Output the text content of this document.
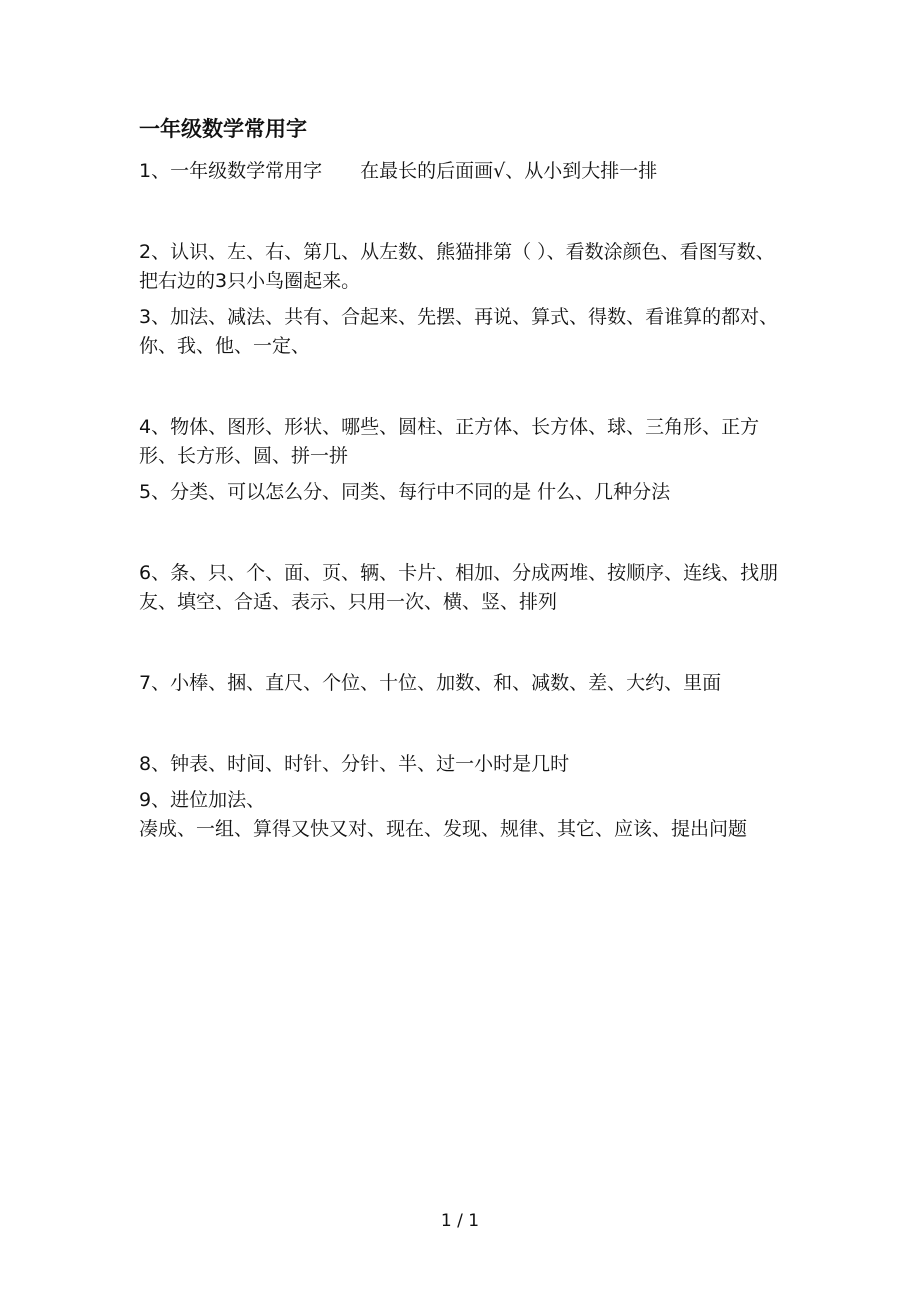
一年级数学常用字

1、一年级数学常用字　　在最长的后面画√、从小到大排一排

2、认识、左、右、第几、从左数、熊猫排第（ ）、看数涂颜色、看图写数、把右边的3只小鸟圈起来。

3、加法、减法、共有、合起来、先摆、再说、算式、得数、看谁算的都对、你、我、他、一定、

4、物体、图形、形状、哪些、圆柱、正方体、长方体、球、三角形、正方形、长方形、圆、拼一拼

5、分类、可以怎么分、同类、每行中不同的是 什么、几种分法

6、条、只、个、面、页、辆、卡片、相加、分成两堆、按顺序、连线、找朋友、填空、合适、表示、只用一次、横、竖、排列

7、小棒、捆、直尺、个位、十位、加数、和、减数、差、大约、里面

8、钟表、时间、时针、分针、半、过一小时是几时

9、进位加法、

凑成、一组、算得又快又对、现在、发现、规律、其它、应该、提出问题

1 / 1
